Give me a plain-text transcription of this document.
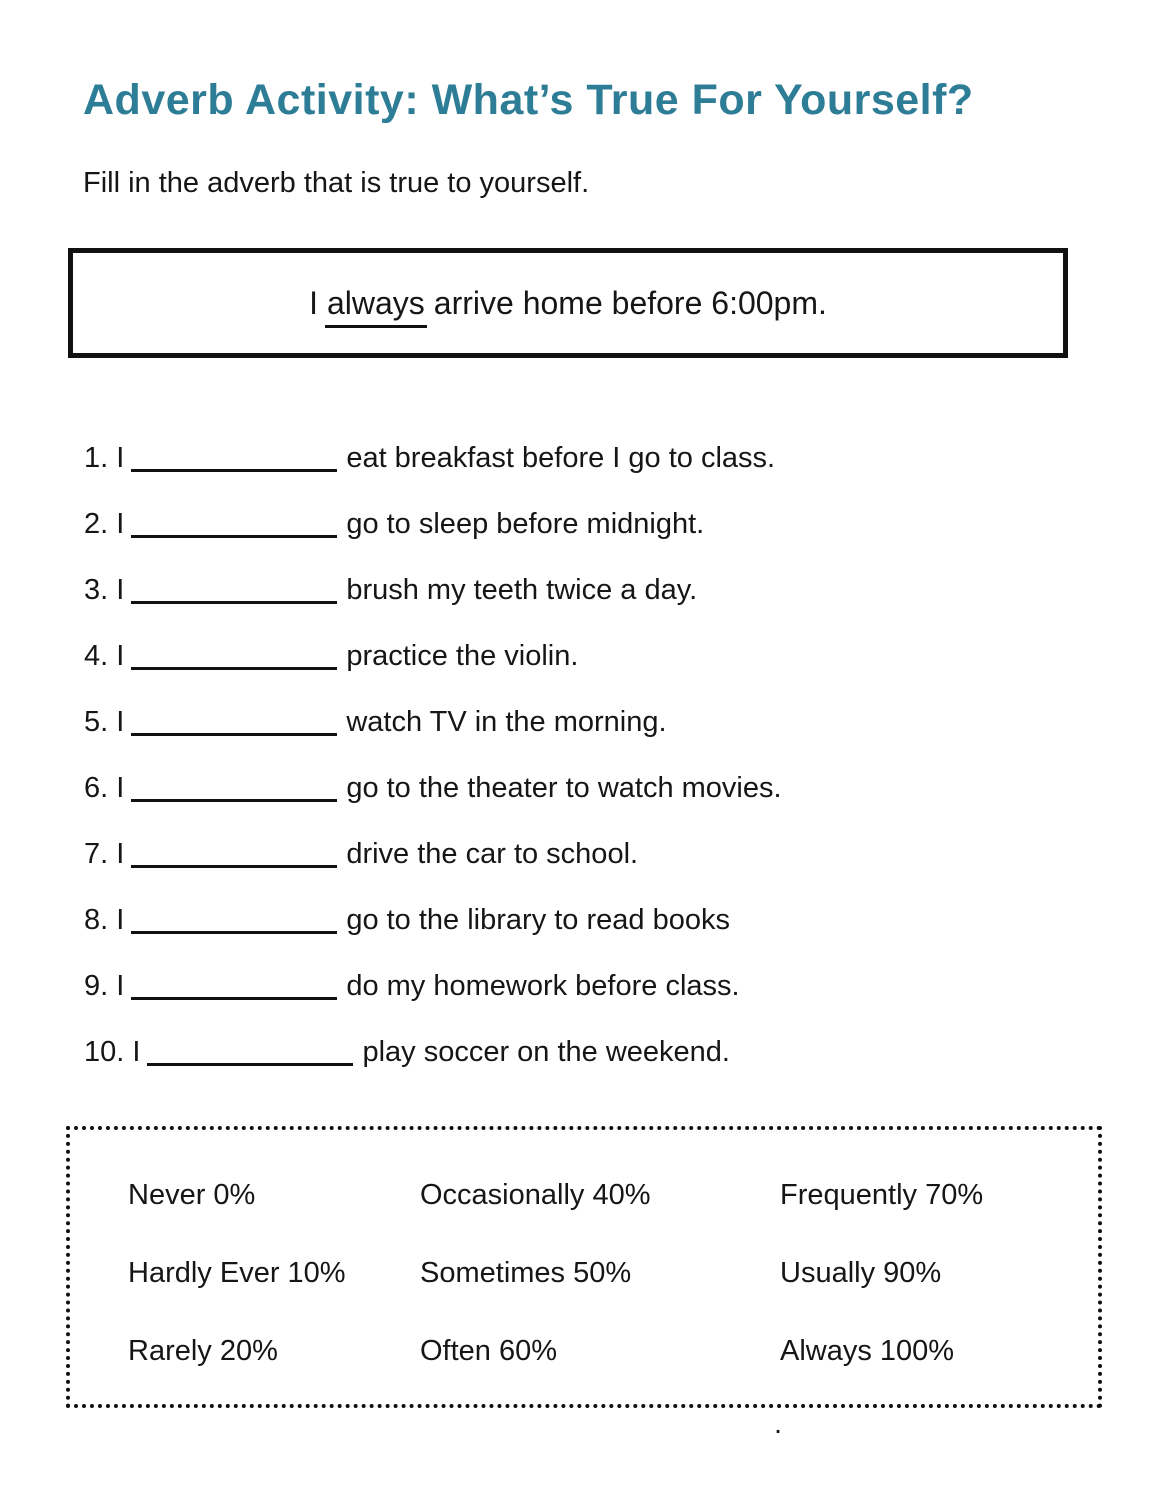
Adverb Activity: What’s True For Yourself?

Fill in the adverb that is true to yourself.

I always arrive home before 6:00pm.

1. I	eat breakfast before I go to class.
2. I	go to sleep before midnight.
3. I	brush my teeth twice a day.
4. I	practice the violin.
5. I	watch TV in the morning.
6. I	go to the theater to watch movies.
7. I	drive the car to school.
8. I	go to the library to read books
9. I	do my homework before class.
10. I	play soccer on the weekend.
Never 0%	Occasionally 40%	Frequently 70%
Hardly Ever 10%	Sometimes 50%	Usually 90%
Rarely 20%	Often 60%	Always 100%
.
